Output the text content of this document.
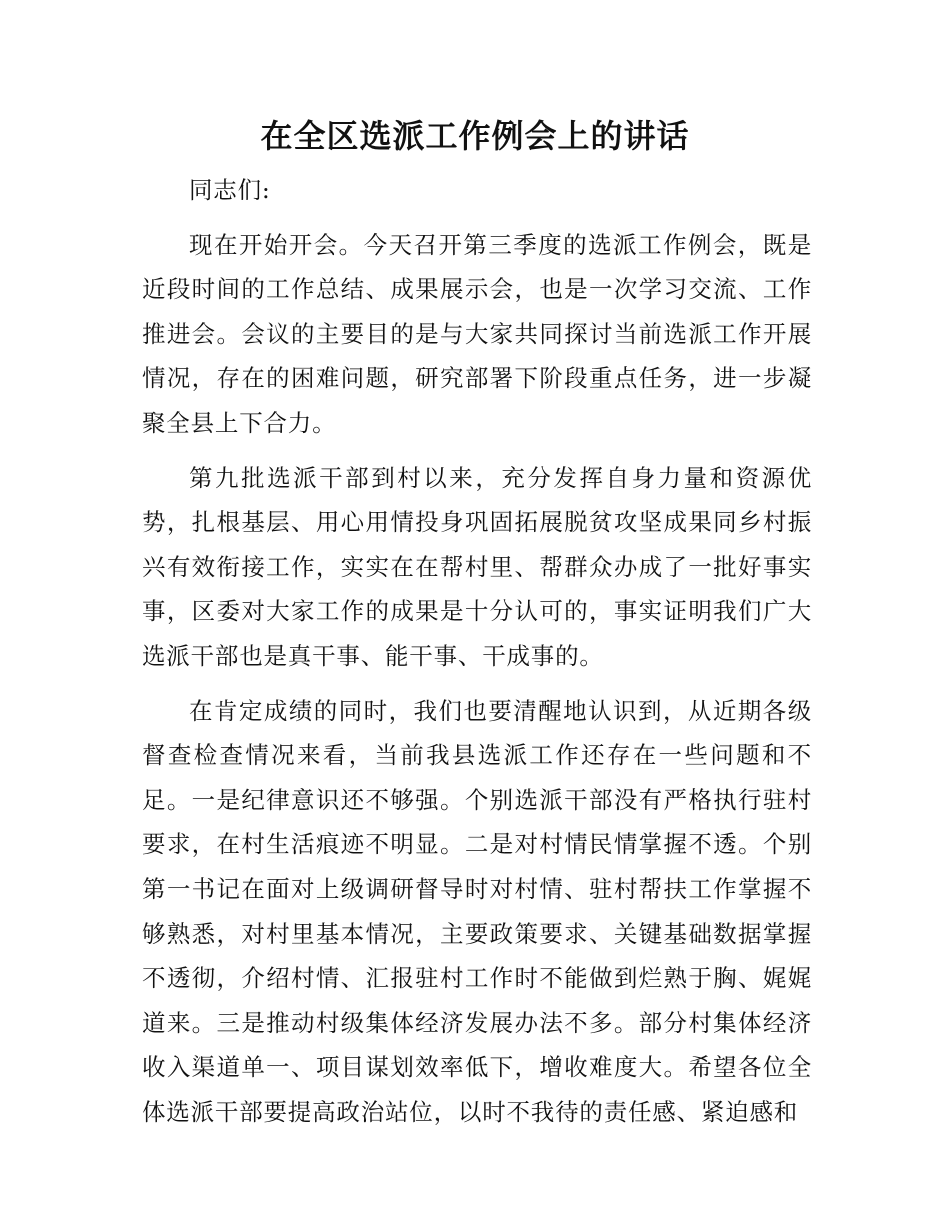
在全区选派工作例会上的讲话

同志们:

现在开始开会。今天召开第三季度的选派工作例会，既是近段时间的工作总结、成果展示会，也是一次学习交流、工作推进会。会议的主要目的是与大家共同探讨当前选派工作开展情况，存在的困难问题，研究部署下阶段重点任务，进一步凝聚全县上下合力。

第九批选派干部到村以来，充分发挥自身力量和资源优势，扎根基层、用心用情投身巩固拓展脱贫攻坚成果同乡村振兴有效衔接工作，实实在在帮村里、帮群众办成了一批好事实事，区委对大家工作的成果是十分认可的，事实证明我们广大选派干部也是真干事、能干事、干成事的。

在肯定成绩的同时，我们也要清醒地认识到，从近期各级督查检查情况来看，当前我县选派工作还存在一些问题和不足。一是纪律意识还不够强。个别选派干部没有严格执行驻村要求，在村生活痕迹不明显。二是对村情民情掌握不透。个别第一书记在面对上级调研督导时对村情、驻村帮扶工作掌握不够熟悉，对村里基本情况，主要政策要求、关键基础数据掌握不透彻，介绍村情、汇报驻村工作时不能做到烂熟于胸、娓娓道来。三是推动村级集体经济发展办法不多。部分村集体经济收入渠道单一、项目谋划效率低下，增收难度大。希望各位全体选派干部要提高政治站位，以时不我待的责任感、紧迫感和
